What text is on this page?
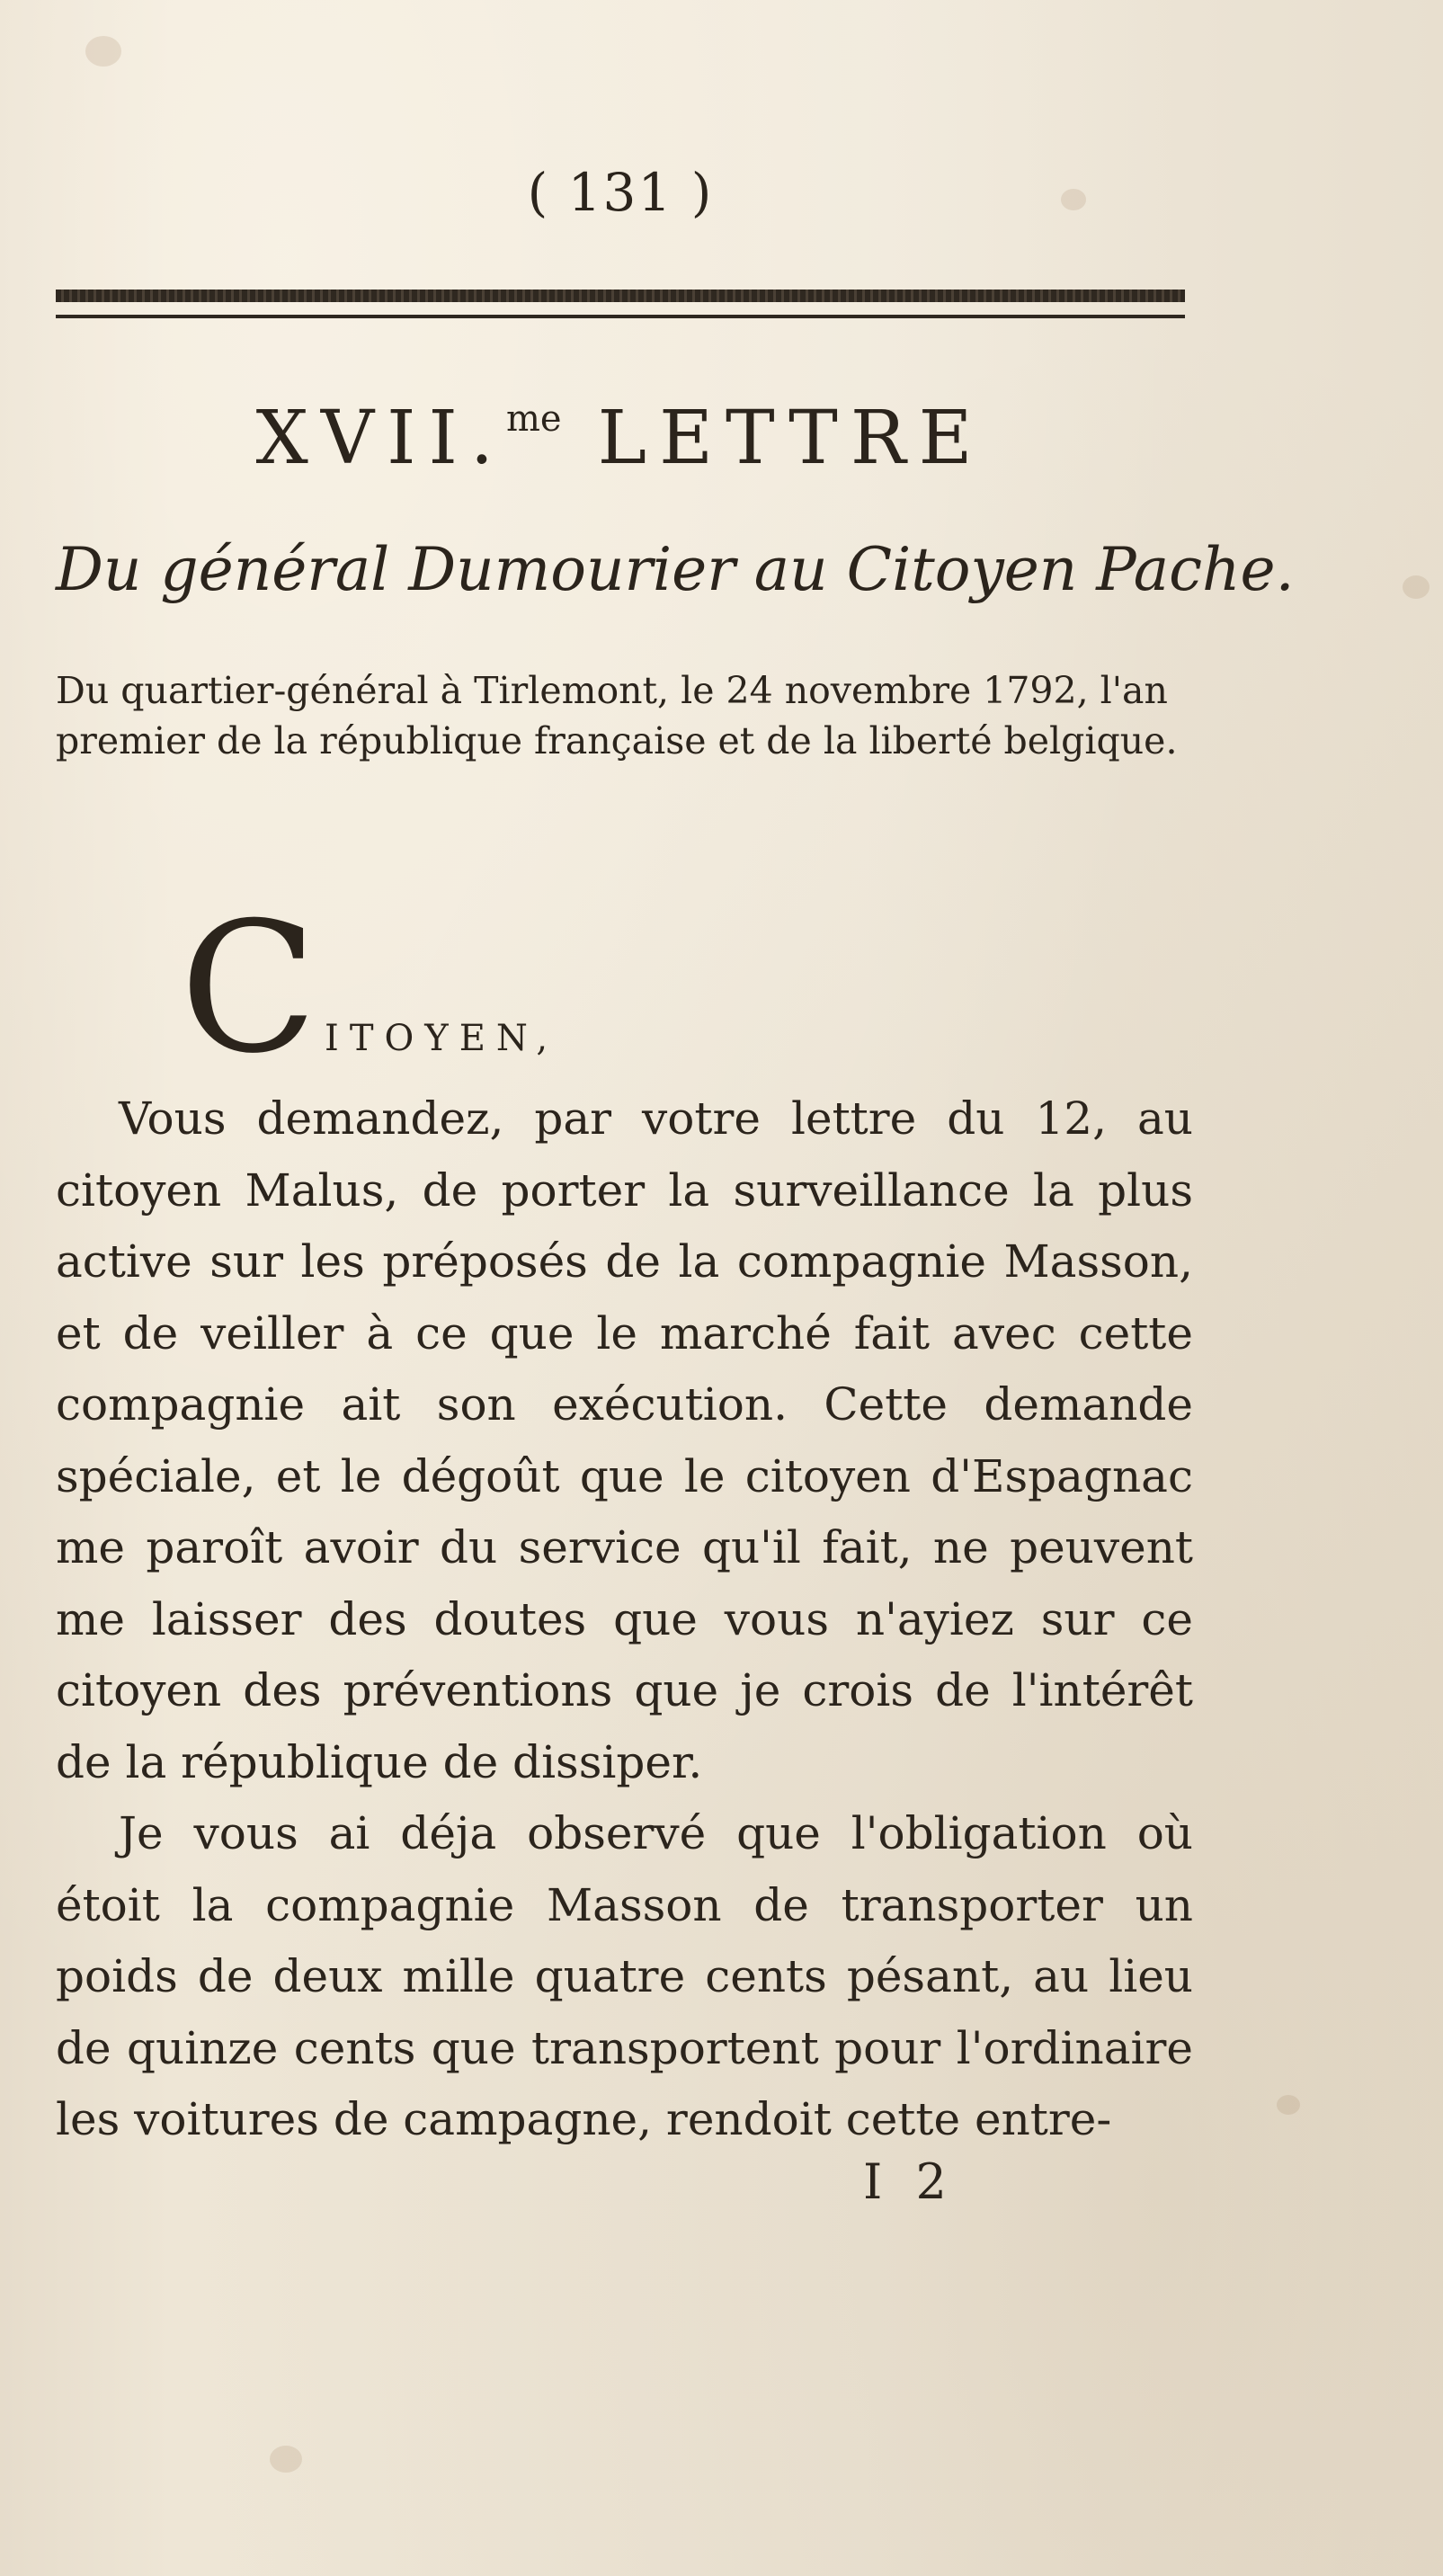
( 131 )
XVII.$^{me}$ LETTRE
Du général Dumourier au Citoyen Pache.
Du quartier-général à Tirlemont, le 24 novembre 1792, l'an premier de la république française et de la liberté belgique.
CITOYEN,

Vous demandez, par votre lettre du 12, au citoyen Malus, de porter la surveillance la plus active sur les préposés de la compagnie Masson, et de veiller à ce que le marché fait avec cette compagnie ait son exécution. Cette demande spéciale, et le dégoût que le citoyen d'Espagnac me paroît avoir du service qu'il fait, ne peuvent me laisser des doutes que vous n'ayiez sur ce citoyen des préventions que je crois de l'intérêt de la république de dissiper.

Je vous ai déja observé que l'obligation où étoit la compagnie Masson de transporter un poids de deux mille quatre cents pésant, au lieu de quinze cents que transportent pour l'ordinaire les voitures de campagne, rendoit cette entre-

I 2
